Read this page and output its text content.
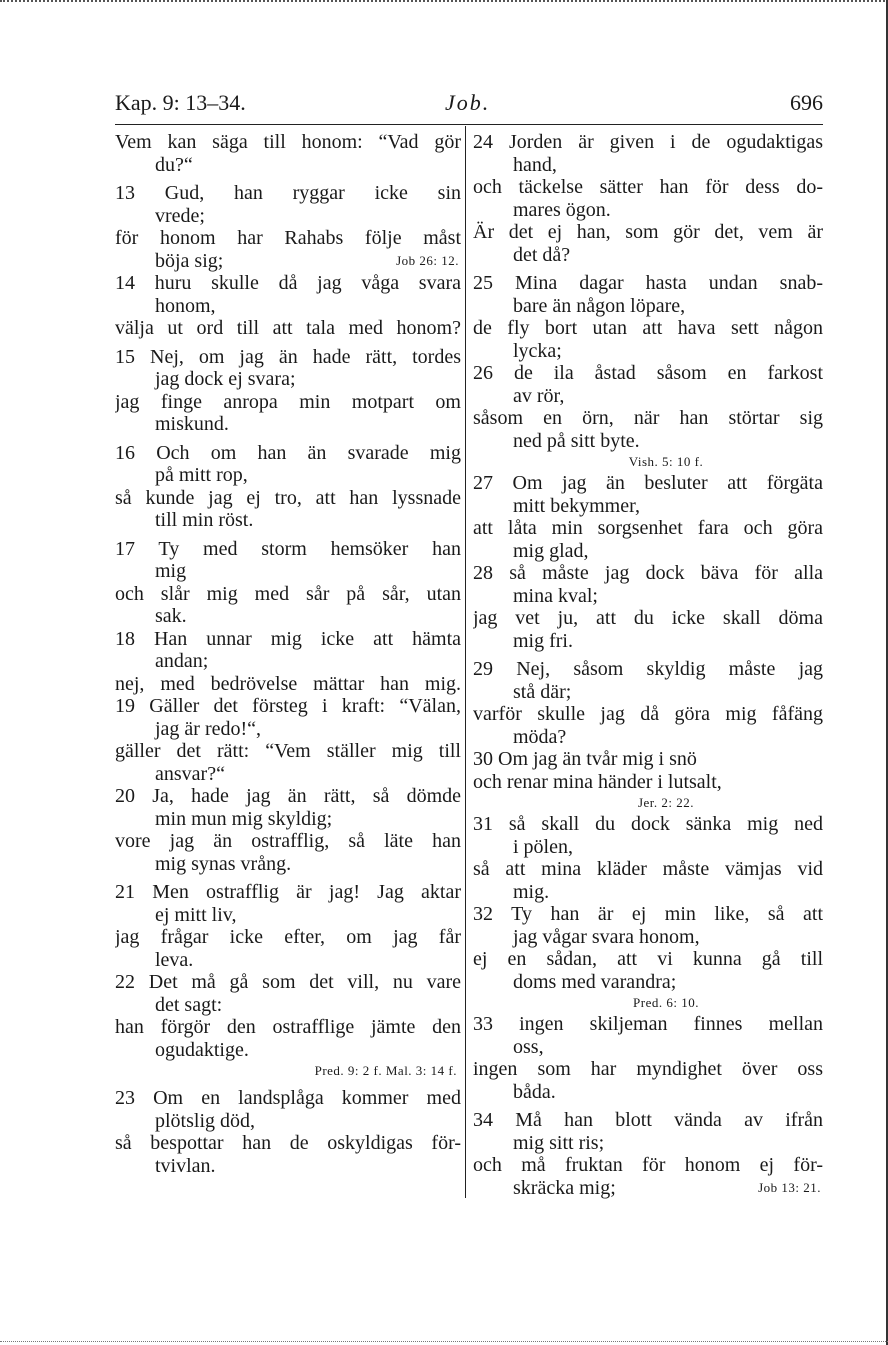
Kap. 9: 13–34.	Job.	696
Vem kan säga till honom: “Vad gör
du?“
13 Gud, han ryggar icke sin
vrede;
för honom har Rahabs följe måst
böja sig;	Job 26: 12.
14 huru skulle då jag våga svara
honom,
välja ut ord till att tala med honom?
15 Nej, om jag än hade rätt, tordes
jag dock ej svara;
jag finge anropa min motpart om
miskund.
16 Och om han än svarade mig
på mitt rop,
så kunde jag ej tro, att han lyssnade
till min röst.
17 Ty med storm hemsöker han
mig
och slår mig med sår på sår, utan
sak.
18 Han unnar mig icke att hämta
andan;
nej, med bedrövelse mättar han mig.
19 Gäller det försteg i kraft: “Välan,
jag är redo!“,
gäller det rätt: “Vem ställer mig till
ansvar?“
20 Ja, hade jag än rätt, så dömde
min mun mig skyldig;
vore jag än ostrafflig, så läte han
mig synas vrång.
21 Men ostrafflig är jag! Jag aktar
ej mitt liv,
jag frågar icke efter, om jag får
leva.
22 Det må gå som det vill, nu vare
det sagt:
han förgör den ostrafflige jämte den
ogudaktige.
Pred. 9: 2 f. Mal. 3: 14 f.
23 Om en landsplåga kommer med
plötslig död,
så bespottar han de oskyldigas för-
tvivlan.
24 Jorden är given i de ogudaktigas
hand,
och täckelse sätter han för dess do-
mares ögon.
Är det ej han, som gör det, vem är
det då?
25 Mina dagar hasta undan snab-
bare än någon löpare,
de fly bort utan att hava sett någon
lycka;
26 de ila åstad såsom en farkost
av rör,
såsom en örn, när han störtar sig
ned på sitt byte.
Vish. 5: 10 f.
27 Om jag än besluter att förgäta
mitt bekymmer,
att låta min sorgsenhet fara och göra
mig glad,
28 så måste jag dock bäva för alla
mina kval;
jag vet ju, att du icke skall döma
mig fri.
29 Nej, såsom skyldig måste jag
stå där;
varför skulle jag då göra mig fåfäng
möda?
30 Om jag än tvår mig i snö
och renar mina händer i lutsalt,
Jer. 2: 22.
31 så skall du dock sänka mig ned
i pölen,
så att mina kläder måste vämjas vid
mig.
32 Ty han är ej min like, så att
jag vågar svara honom,
ej en sådan, att vi kunna gå till
doms med varandra;
Pred. 6: 10.
33 ingen skiljeman finnes mellan
oss,
ingen som har myndighet över oss
båda.
34 Må han blott vända av ifrån
mig sitt ris;
och må fruktan för honom ej för-
skräcka mig;	Job 13: 21.
